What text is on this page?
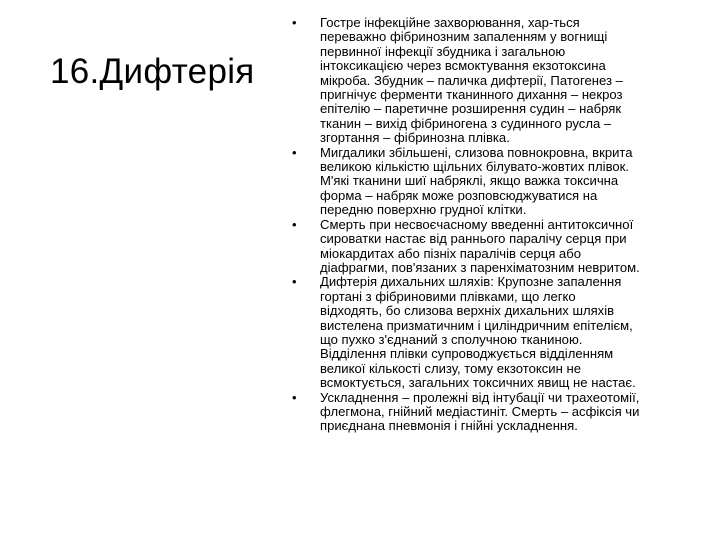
16.Дифтерія
• Гостре інфекційне захворювання, хар-ться
переважно фібринозним запаленням у вогнищі
первинної інфекції збудника і загальною
інтоксикацією через всмоктування екзотоксина
мікроба. Збудник – паличка дифтерії, Патогенез –
пригнічує ферменти тканинного дихання – некроз
епітелію – паретичне розширення судин – набряк
тканин – вихід фібриногена з судинного русла –
згортання – фібринозна плівка.
• Мигдалики збільшені, слизова повнокровна, вкрита
великою кількістю щільних білувато-жовтих плівок.
М'які тканини шиї набряклі, якщо важка токсична
форма – набряк може розповсюджуватися на
передню поверхню грудної клітки.
• Смерть при несвоєчасному введенні антитоксичної
сироватки настає від раннього паралічу серця при
міокардитах або пізніх паралічів серця або
діафрагми, пов'язаних з паренхіматозним невритом.
• Дифтерія дихальних шляхів: Крупозне запалення
гортані з фібриновими плівками, що легко
відходять, бо слизова верхніх дихальних шляхів
вистелена призматичним і циліндричним епітелієм,
що пухко з'єднаний з сполучною тканиною.
Відділення плівки супроводжується відділенням
великої кількості слизу, тому екзотоксин не
всмоктується, загальних токсичних явищ не настає.
• Ускладнення – пролежні від інтубації чи трахеотомії,
флегмона, гнійний медіастиніт. Смерть – асфіксія чи
приєднана пневмонія і гнійні ускладнення.
